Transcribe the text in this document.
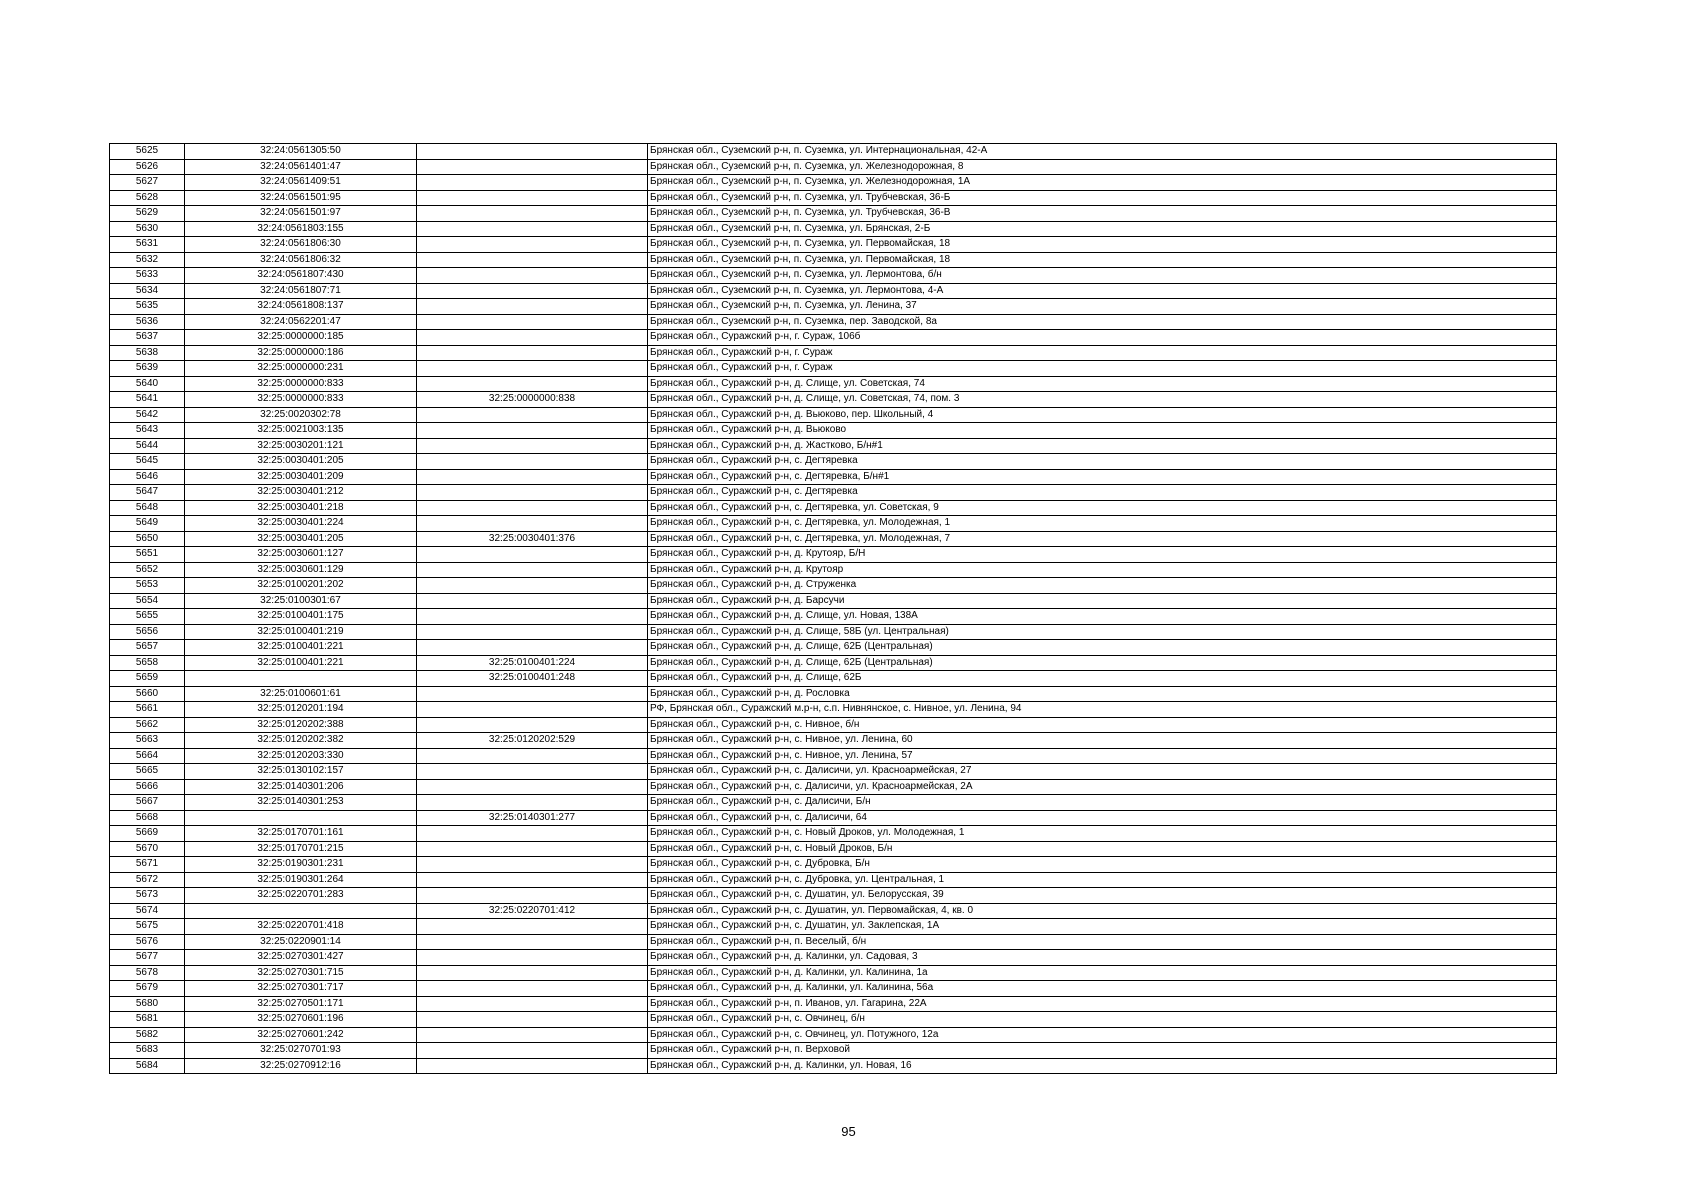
5625	32:24:0561305:50		Брянская обл., Суземский р-н, п. Суземка, ул. Интернациональная, 42-А
5626	32:24:0561401:47		Брянская обл., Суземский р-н, п. Суземка, ул. Железнодорожная, 8
5627	32:24:0561409:51		Брянская обл., Суземский р-н, п. Суземка, ул. Железнодорожная, 1А
5628	32:24:0561501:95		Брянская обл., Суземский р-н, п. Суземка, ул. Трубчевская, 36-Б
5629	32:24:0561501:97		Брянская обл., Суземский р-н, п. Суземка, ул. Трубчевская, 36-В
5630	32:24:0561803:155		Брянская обл., Суземский р-н, п. Суземка, ул. Брянская, 2-Б
5631	32:24:0561806:30		Брянская обл., Суземский р-н, п. Суземка, ул. Первомайская, 18
5632	32:24:0561806:32		Брянская обл., Суземский р-н, п. Суземка, ул. Первомайская, 18
5633	32:24:0561807:430		Брянская обл., Суземский р-н, п. Суземка, ул. Лермонтова, б/н
5634	32:24:0561807:71		Брянская обл., Суземский р-н, п. Суземка, ул. Лермонтова, 4-А
5635	32:24:0561808:137		Брянская обл., Суземский р-н, п. Суземка, ул. Ленина, 37
5636	32:24:0562201:47		Брянская обл., Суземский р-н, п. Суземка, пер. Заводской, 8а
5637	32:25:0000000:185		Брянская обл., Суражский р-н, г. Сураж, 106б
5638	32:25:0000000:186		Брянская обл., Суражский р-н, г. Сураж
5639	32:25:0000000:231		Брянская обл., Суражский р-н, г. Сураж
5640	32:25:0000000:833		Брянская обл., Суражский р-н, д. Слище, ул. Советская, 74
5641	32:25:0000000:833	32:25:0000000:838	Брянская обл., Суражский р-н, д. Слище, ул. Советская, 74, пом. 3
5642	32:25:0020302:78		Брянская обл., Суражский р-н, д. Вьюково, пер. Школьный, 4
5643	32:25:0021003:135		Брянская обл., Суражский р-н, д. Вьюково
5644	32:25:0030201:121		Брянская обл., Суражский р-н, д. Жастково, Б/н#1
5645	32:25:0030401:205		Брянская обл., Суражский р-н, с. Дегтяревка
5646	32:25:0030401:209		Брянская обл., Суражский р-н, с. Дегтяревка, Б/н#1
5647	32:25:0030401:212		Брянская обл., Суражский р-н, с. Дегтяревка
5648	32:25:0030401:218		Брянская обл., Суражский р-н, с. Дегтяревка, ул. Советская, 9
5649	32:25:0030401:224		Брянская обл., Суражский р-н, с. Дегтяревка, ул. Молодежная, 1
5650	32:25:0030401:205	32:25:0030401:376	Брянская обл., Суражский р-н, с. Дегтяревка, ул. Молодежная, 7
5651	32:25:0030601:127		Брянская обл., Суражский р-н, д. Крутояр, Б/Н
5652	32:25:0030601:129		Брянская обл., Суражский р-н, д. Крутояр
5653	32:25:0100201:202		Брянская обл., Суражский р-н, д. Струженка
5654	32:25:0100301:67		Брянская обл., Суражский р-н, д. Барсучи
5655	32:25:0100401:175		Брянская обл., Суражский р-н, д. Слище, ул. Новая, 138А
5656	32:25:0100401:219		Брянская обл., Суражский р-н, д. Слище, 58Б (ул. Центральная)
5657	32:25:0100401:221		Брянская обл., Суражский р-н, д. Слище, 62Б (Центральная)
5658	32:25:0100401:221	32:25:0100401:224	Брянская обл., Суражский р-н, д. Слище, 62Б (Центральная)
5659		32:25:0100401:248	Брянская обл., Суражский р-н, д. Слище, 62Б
5660	32:25:0100601:61		Брянская обл., Суражский р-н, д. Рословка
5661	32:25:0120201:194		РФ, Брянская обл., Суражский м.р-н, с.п. Нивнянское, с. Нивное, ул. Ленина, 94
5662	32:25:0120202:388		Брянская обл., Суражский р-н, с. Нивное, б/н
5663	32:25:0120202:382	32:25:0120202:529	Брянская обл., Суражский р-н, с. Нивное, ул. Ленина, 60
5664	32:25:0120203:330		Брянская обл., Суражский р-н, с. Нивное, ул. Ленина, 57
5665	32:25:0130102:157		Брянская обл., Суражский р-н, с. Далисичи, ул. Красноармейская, 27
5666	32:25:0140301:206		Брянская обл., Суражский р-н, с. Далисичи, ул. Красноармейская, 2А
5667	32:25:0140301:253		Брянская обл., Суражский р-н, с. Далисичи, Б/н
5668		32:25:0140301:277	Брянская обл., Суражский р-н, с. Далисичи, 64
5669	32:25:0170701:161		Брянская обл., Суражский р-н, с. Новый Дроков, ул. Молодежная, 1
5670	32:25:0170701:215		Брянская обл., Суражский р-н, с. Новый Дроков, Б/н
5671	32:25:0190301:231		Брянская обл., Суражский р-н, с. Дубровка, Б/н
5672	32:25:0190301:264		Брянская обл., Суражский р-н, с. Дубровка, ул. Центральная, 1
5673	32:25:0220701:283		Брянская обл., Суражский р-н, с. Душатин, ул. Белорусская, 39
5674		32:25:0220701:412	Брянская обл., Суражский р-н, с. Душатин, ул. Первомайская, 4, кв. 0
5675	32:25:0220701:418		Брянская обл., Суражский р-н, с. Душатин, ул. Заклепская, 1А
5676	32:25:0220901:14		Брянская обл., Суражский р-н, п. Веселый, б/н
5677	32:25:0270301:427		Брянская обл., Суражский р-н, д. Калинки, ул. Садовая, 3
5678	32:25:0270301:715		Брянская обл., Суражский р-н, д. Калинки, ул. Калинина, 1а
5679	32:25:0270301:717		Брянская обл., Суражский р-н, д. Калинки, ул. Калинина, 56а
5680	32:25:0270501:171		Брянская обл., Суражский р-н, п. Иванов, ул. Гагарина, 22А
5681	32:25:0270601:196		Брянская обл., Суражский р-н, с. Овчинец, б/н
5682	32:25:0270601:242		Брянская обл., Суражский р-н, с. Овчинец, ул. Потужного, 12а
5683	32:25:0270701:93		Брянская обл., Суражский р-н, п. Верховой
5684	32:25:0270912:16		Брянская обл., Суражский р-н, д. Калинки, ул. Новая, 16
95
